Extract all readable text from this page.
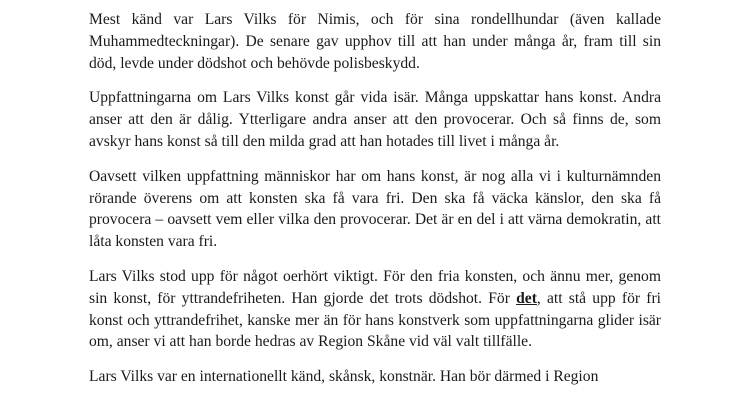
Mest känd var Lars Vilks för Nimis, och för sina rondellhundar (även kallade Muhammedteckningar). De senare gav upphov till att han under många år, fram till sin död, levde under dödshot och behövde polisbeskydd.

Uppfattningarna om Lars Vilks konst går vida isär. Många uppskattar hans konst. Andra anser att den är dålig. Ytterligare andra anser att den provocerar. Och så finns de, som avskyr hans konst så till den milda grad att han hotades till livet i många år.

Oavsett vilken uppfattning människor har om hans konst, är nog alla vi i kulturnämnden rörande överens om att konsten ska få vara fri. Den ska få väcka känslor, den ska få provocera – oavsett vem eller vilka den provocerar. Det är en del i att värna demokratin, att låta konsten vara fri.

Lars Vilks stod upp för något oerhört viktigt. För den fria konsten, och ännu mer, genom sin konst, för yttrandefriheten. Han gjorde det trots dödshot. För det, att stå upp för fri konst och yttrandefrihet, kanske mer än för hans konstverk som uppfattningarna glider isär om, anser vi att han borde hedras av Region Skåne vid väl valt tillfälle.

Lars Vilks var en internationellt känd, skånsk, konstnär. Han bör därmed i Region
